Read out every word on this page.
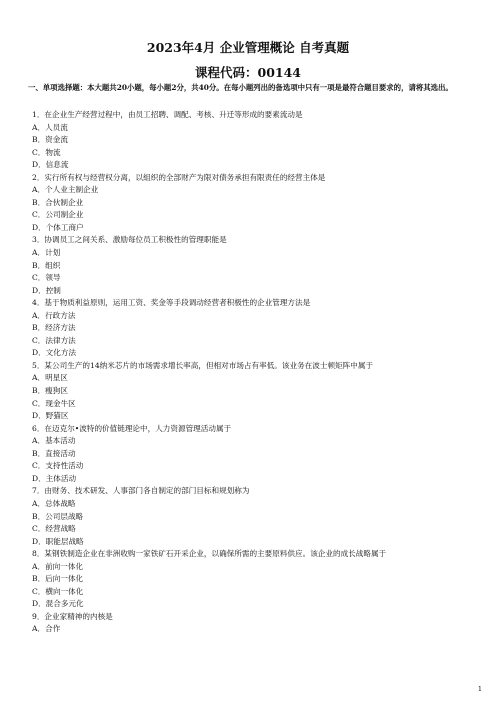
2023年4月 企业管理概论 自考真题
课程代码：00144
一、单项选择题：本大题共20小题，每小题2分，共40分。在每小题列出的备选项中只有一项是最符合题目要求的，请将其选出。
1．在企业生产经营过程中，由员工招聘、调配、考核、升迁等形成的要素流动是
A．人员流
B．资金流
C．物流
D．信息流
2．实行所有权与经营权分离，以組织的全部财产为限对债务承担有限责任的经营主体是
A．个人业主制企业
B．合伙制企业
C．公司制企业
D．个体工商户
3．协调员工之间关系、激励每位员工积极性的管理职能是
A．计划
B．组织
C．领导
D．控制
4．基于物质利益原则，运用工资、奖金等手段调动经营者积极性的企业管理方法是
A．行政方法
B．经济方法
C．法律方法
D．文化方法
5．某公司生产的14纳米芯片的市场需求增长率高，但相对市场占有率低。该业务在波士顿矩阵中属于
A．明星区
B．瘦狗区
C．现金牛区
D．野猫区
6．在迈克尔•波特的价值链理论中，人力资源管理活动属于
A．基本活动
B．直接活动
C．支持性活动
D．主体活动
7．由财务、技术研发、人事部门各自制定的部门目标和规划称为
A．总体战略
B．公司层战略
C．经营战略
D．职能层战略
8．某钢铁制造企业在非洲收购一家铁矿石开采企业，以确保所需的主要原料供应。该企业的成长战略属于
A．前向一体化
B．后向一体化
C．横向一体化
D．混合多元化
9．企业家精神的内核是
A．合作
1
